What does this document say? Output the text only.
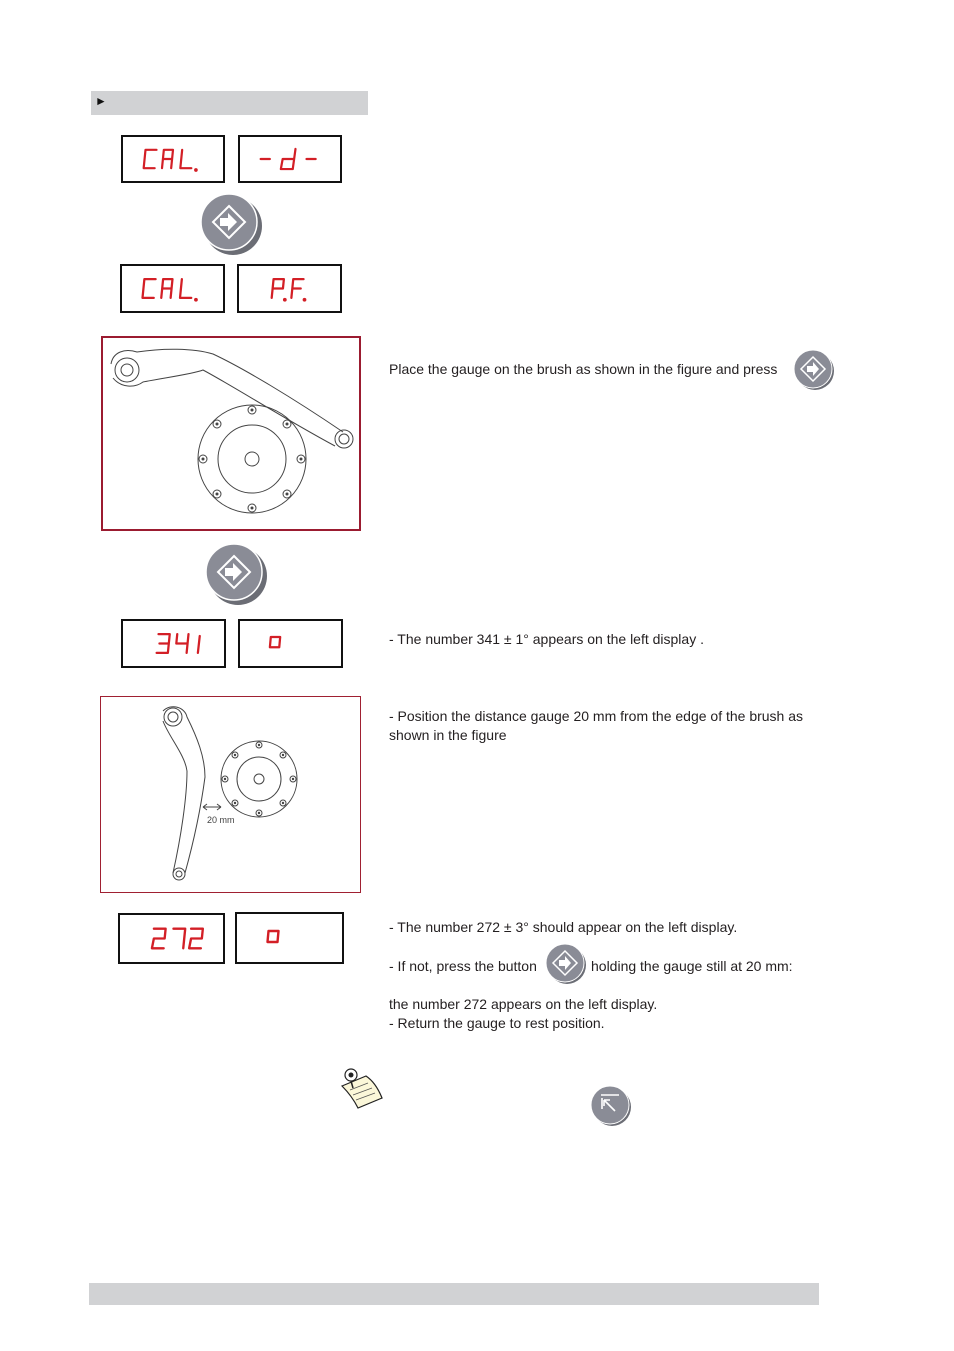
►
Place the gauge on the brush as shown in the figure and press
- The number 341 ± 1° appears on the left display .
20 mm
- Position the distance gauge 20 mm from the edge of the brush as
shown in the figure
- The number 272 ± 3° should appear on the left display.
- If not, press the button	holding the gauge still at 20 mm:
the number 272 appears on the left display.
- Return the gauge to rest position.
